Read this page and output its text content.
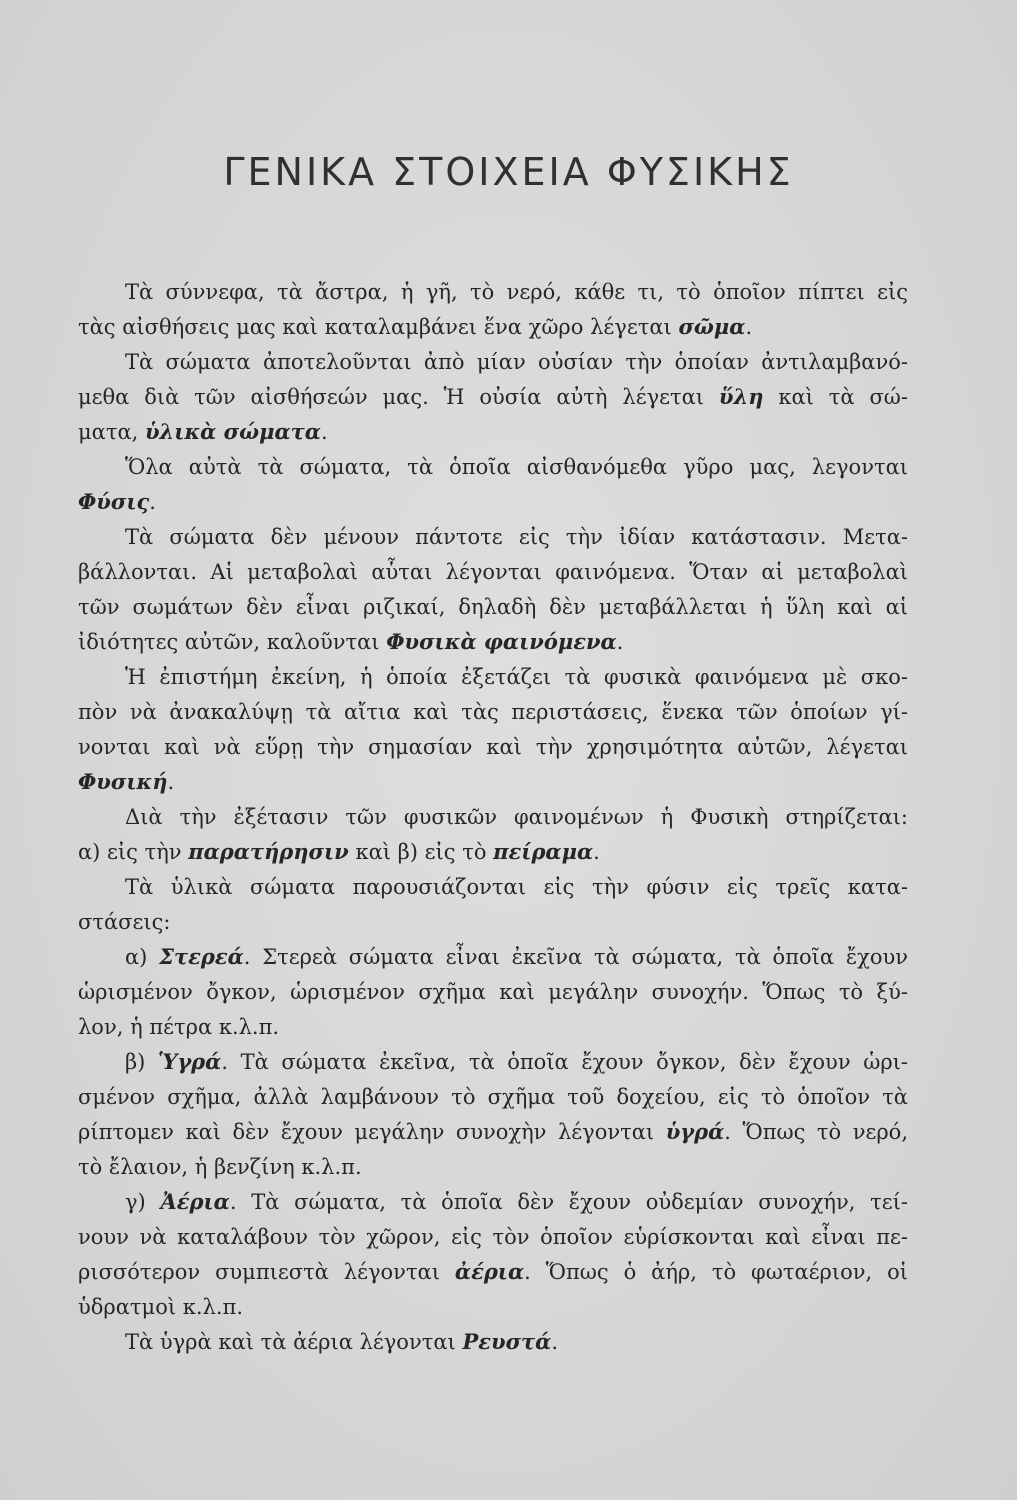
ΓΕΝΙΚΑ ΣΤΟΙΧΕΙΑ ΦΥΣΙΚΗΣ
Τὰ σύννεφα, τὰ ἄστρα, ἡ γῆ, τὸ νερό, κάθε τι, τὸ ὁποῖον πίπτει εἰς
τὰς αἰσθήσεις μας καὶ καταλαμβάνει ἕνα χῶρο λέγεται σῶμα.
Τὰ σώματα ἀποτελοῦνται ἀπὸ μίαν οὐσίαν τὴν ὁποίαν ἀντιλαμβανό-
μεθα διὰ τῶν αἰσθήσεών μας. Ἡ οὐσία αὐτὴ λέγεται ὕλη καὶ τὰ σώ-
ματα, ὑλικὰ σώματα.
Ὅλα αὐτὰ τὰ σώματα, τὰ ὁποῖα αἰσθανόμεθα γῦρο μας, λεγονται
Φύσις.
Τὰ σώματα δὲν μένουν πάντοτε εἰς τὴν ἰδίαν κατάστασιν. Μετα-
βάλλονται. Αἱ μεταβολαὶ αὗται λέγονται φαινόμενα. Ὅταν αἱ μεταβολαὶ
τῶν σωμάτων δὲν εἶναι ριζικαί, δηλαδὴ δὲν μεταβάλλεται ἡ ὕλη καὶ αἱ
ἰδιότητες αὐτῶν, καλοῦνται Φυσικὰ φαινόμενα.
Ἡ ἐπιστήμη ἐκείνη, ἡ ὁποία ἐξετάζει τὰ φυσικὰ φαινόμενα μὲ σκο-
πὸν νὰ ἀνακαλύψῃ τὰ αἴτια καὶ τὰς περιστάσεις, ἕνεκα τῶν ὁποίων γί-
νονται καὶ νὰ εὕρῃ τὴν σημασίαν καὶ τὴν χρησιμότητα αὐτῶν, λέγεται
Φυσική.
Διὰ τὴν ἐξέτασιν τῶν φυσικῶν φαινομένων ἡ Φυσικὴ στηρίζεται:
α) εἰς τὴν παρατήρησιν καὶ β) εἰς τὸ πείραμα.
Τὰ ὑλικὰ σώματα παρουσιάζονται εἰς τὴν φύσιν εἰς τρεῖς κατα-
στάσεις:
α) Στερεά. Στερεὰ σώματα εἶναι ἐκεῖνα τὰ σώματα, τὰ ὁποῖα ἔχουν
ὡρισμένον ὄγκον, ὡρισμένον σχῆμα καὶ μεγάλην συνοχήν. Ὅπως τὸ ξύ-
λον, ἡ πέτρα κ.λ.π.
β) Ὑγρά. Τὰ σώματα ἐκεῖνα, τὰ ὁποῖα ἔχουν ὄγκον, δὲν ἔχουν ὡρι-
σμένον σχῆμα, ἀλλὰ λαμβάνουν τὸ σχῆμα τοῦ δοχείου, εἰς τὸ ὁποῖον τὰ
ρίπτομεν καὶ δὲν ἔχουν μεγάλην συνοχὴν λέγονται ὑγρά. Ὅπως τὸ νερό,
τὸ ἔλαιον, ἡ βενζίνη κ.λ.π.
γ) Ἀέρια. Τὰ σώματα, τὰ ὁποῖα δὲν ἔχουν οὐδεμίαν συνοχήν, τεί-
νουν νὰ καταλάβουν τὸν χῶρον, εἰς τὸν ὁποῖον εὑρίσκονται καὶ εἶναι πε-
ρισσότερον συμπιεστὰ λέγονται ἀέρια. Ὅπως ὁ ἀήρ, τὸ φωταέριον, οἱ
ὑδρατμοὶ κ.λ.π.
Τὰ ὑγρὰ καὶ τὰ ἀέρια λέγονται Ρευστά.
